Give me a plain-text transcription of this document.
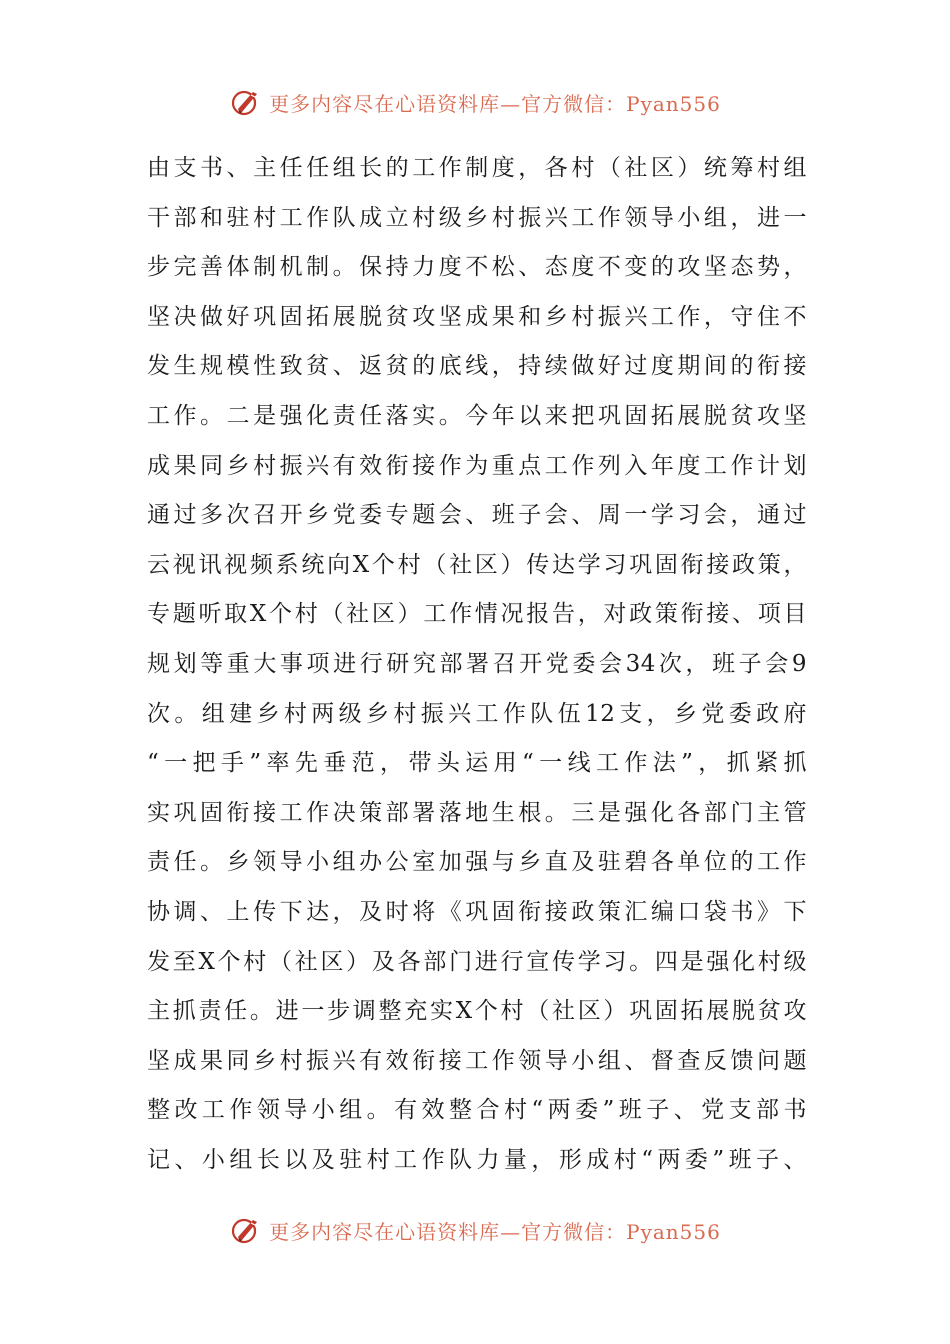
更多内容尽在心语资料库—官方微信：Pyan556
由支书、主任任组长的工作制度，各村（社区）统筹村组
干部和驻村工作队成立村级乡村振兴工作领导小组，进一
步完善体制机制。保持力度不松、态度不变的攻坚态势，
坚决做好巩固拓展脱贫攻坚成果和乡村振兴工作，守住不
发生规模性致贫、返贫的底线，持续做好过度期间的衔接
工作。二是强化责任落实。今年以来把巩固拓展脱贫攻坚
成果同乡村振兴有效衔接作为重点工作列入年度工作计划
通过多次召开乡党委专题会、班子会、周一学习会，通过
云视讯视频系统向X个村（社区）传达学习巩固衔接政策，
专题听取X个村（社区）工作情况报告，对政策衔接、项目
规划等重大事项进行研究部署召开党委会34次，班子会9
次。组建乡村两级乡村振兴工作队伍12支，乡党委政府
“一把手”率先垂范，带头运用“一线工作法”，抓紧抓
实巩固衔接工作决策部署落地生根。三是强化各部门主管
责任。乡领导小组办公室加强与乡直及驻碧各单位的工作
协调、上传下达，及时将《巩固衔接政策汇编口袋书》下
发至X个村（社区）及各部门进行宣传学习。四是强化村级
主抓责任。进一步调整充实X个村（社区）巩固拓展脱贫攻
坚成果同乡村振兴有效衔接工作领导小组、督查反馈问题
整改工作领导小组。有效整合村“两委”班子、党支部书
记、小组长以及驻村工作队力量，形成村“两委”班子、
更多内容尽在心语资料库—官方微信：Pyan556
